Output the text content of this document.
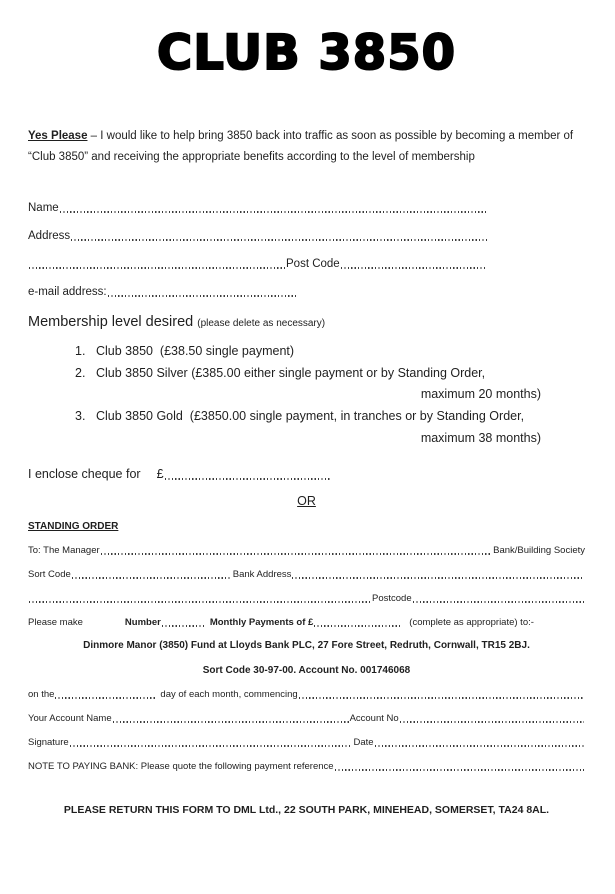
CLUB 3850
Yes Please – I would like to help bring 3850 back into traffic as soon as possible by becoming a member of
“Club 3850” and receiving the appropriate benefits according to the level of membership
Name
Address
Post Code
e-mail address:
Membership level desired (please delete as necessary)
1. Club 3850  (£38.50 single payment)
2. Club 3850 Silver (£385.00 either single payment or by Standing Order,
maximum 20 months)
3. Club 3850 Gold  (£3850.00 single payment, in tranches or by Standing Order,
maximum 38 months)
I enclose cheque for £
OR
STANDING ORDER
To: The Manager	Bank/Building Society
Sort Code	Bank Address
Postcode
Please make	Number	Monthly Payments of £	(complete as appropriate) to:-
Dinmore Manor (3850) Fund at Lloyds Bank PLC, 27 Fore Street, Redruth, Cornwall, TR15 2BJ.
Sort Code 30-97-00. Account No. 001746068
on the	day of each month, commencing
Your Account Name	Account No
Signature	Date
NOTE TO PAYING BANK: Please quote the following payment reference
PLEASE RETURN THIS FORM TO DML Ltd., 22 SOUTH PARK, MINEHEAD, SOMERSET, TA24 8AL.
